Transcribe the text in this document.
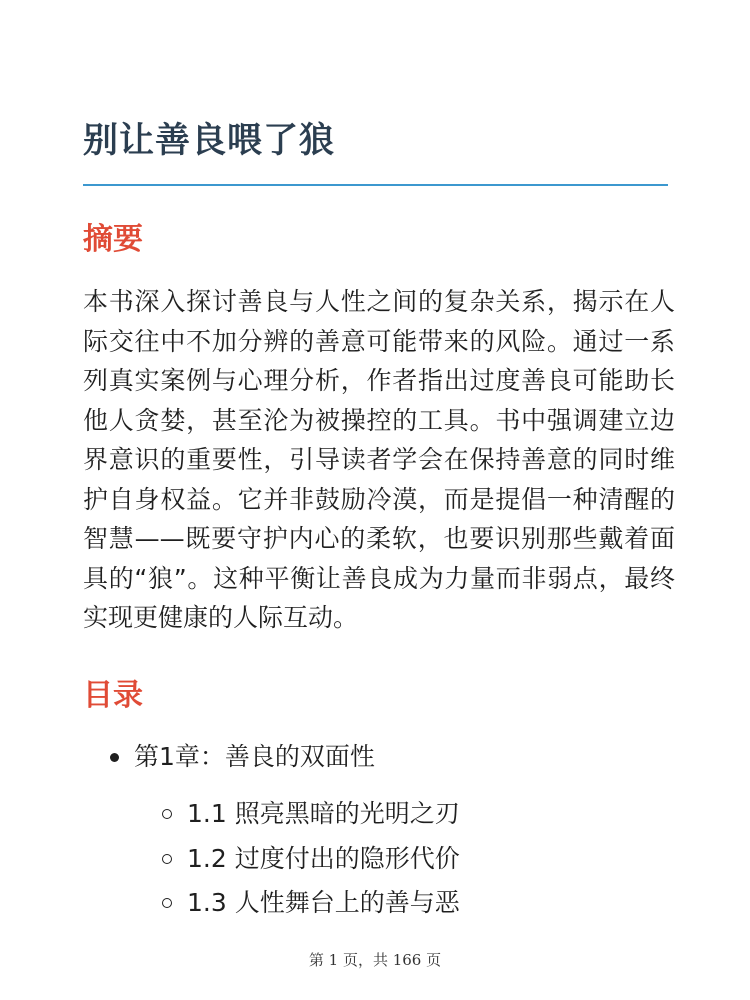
别让善良喂了狼
摘要

本书深入探讨善良与人性之间的复杂关系，揭示在人际交往中不加分辨的善意可能带来的风险。通过一系列真实案例与心理分析，作者指出过度善良可能助长他人贪婪，甚至沦为被操控的工具。书中强调建立边界意识的重要性，引导读者学会在保持善意的同时维护自身权益。它并非鼓励冷漠，而是提倡一种清醒的智慧——既要守护内心的柔软，也要识别那些戴着面具的“狼”。这种平衡让善良成为力量而非弱点，最终实现更健康的人际互动。

目录
第1章：善良的双面性
1.1 照亮黑暗的光明之刃
1.2 过度付出的隐形代价
1.3 人性舞台上的善与恶
第 1 页，共 166 页
